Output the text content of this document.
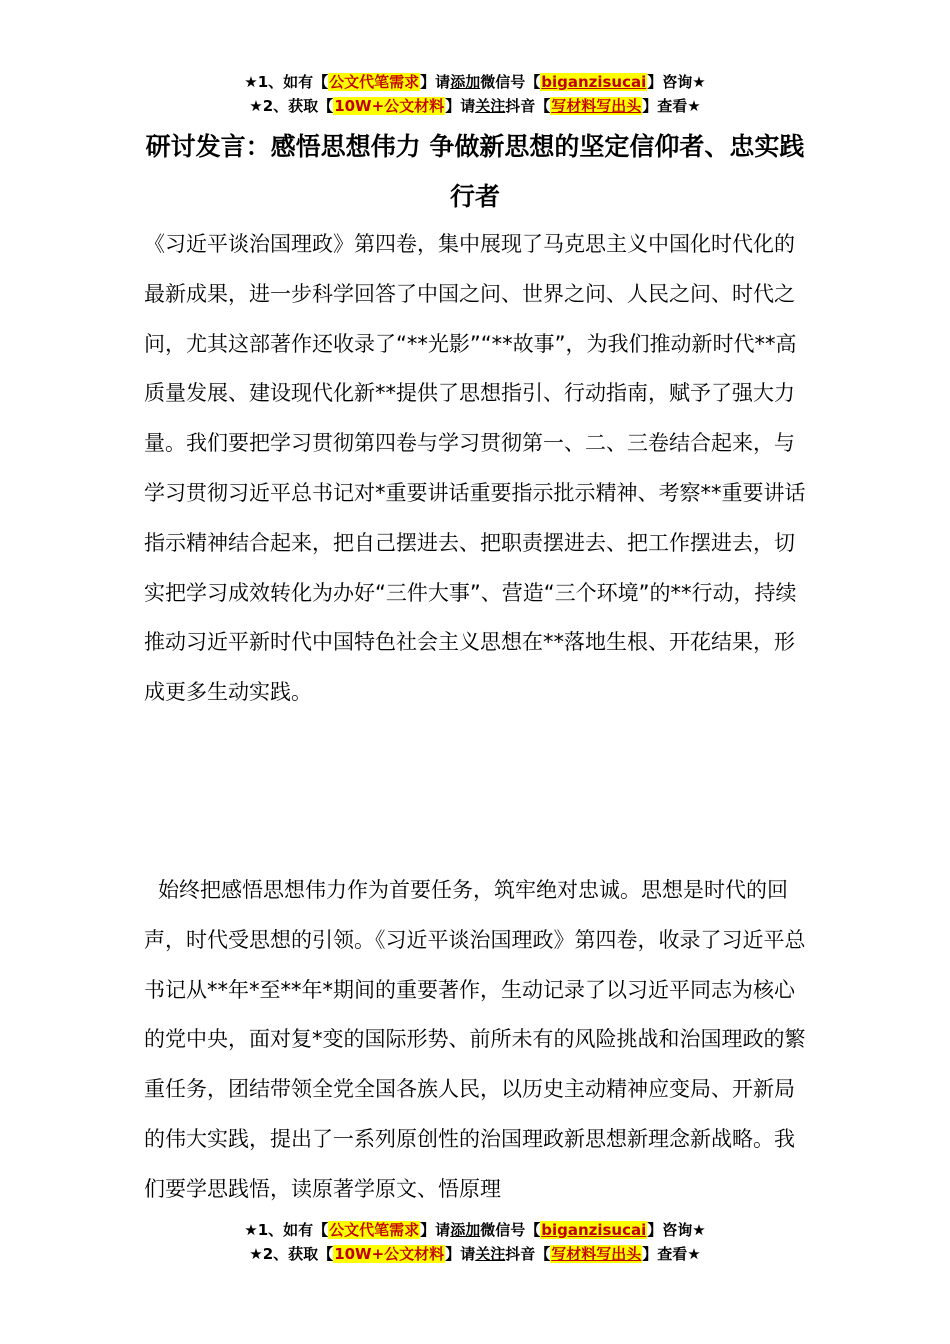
★1、如有【公文代笔需求】请添加微信号【biganzisucai】咨询★
★2、获取【10W+公文材料】请关注抖音【写材料写出头】查看★
研讨发言：感悟思想伟力 争做新思想的坚定信仰者、忠实践行者

《习近平谈治国理政》第四卷，集中展现了马克思主义中国化时代化的最新成果，进一步科学回答了中国之问、世界之问、人民之问、时代之问，尤其这部著作还收录了“**光影”“**故事”，为我们推动新时代**高质量发展、建设现代化新**提供了思想指引、行动指南，赋予了强大力量。我们要把学习贯彻第四卷与学习贯彻第一、二、三卷结合起来，与学习贯彻习近平总书记对*重要讲话重要指示批示精神、考察**重要讲话指示精神结合起来，把自己摆进去、把职责摆进去、把工作摆进去，切实把学习成效转化为办好“三件大事”、营造“三个环境”的**行动，持续推动习近平新时代中国特色社会主义思想在**落地生根、开花结果，形成更多生动实践。

始终把感悟思想伟力作为首要任务，筑牢绝对忠诚。思想是时代的回声，时代受思想的引领。《习近平谈治国理政》第四卷，收录了习近平总书记从**年*至**年*期间的重要著作，生动记录了以习近平同志为核心的党中央，面对复*变的国际形势、前所未有的风险挑战和治国理政的繁重任务，团结带领全党全国各族人民，以历史主动精神应变局、开新局的伟大实践，提出了一系列原创性的治国理政新思想新理念新战略。我们要学思践悟，读原著学原文、悟原理

★1、如有【公文代笔需求】请添加微信号【biganzisucai】咨询★
★2、获取【10W+公文材料】请关注抖音【写材料写出头】查看★
